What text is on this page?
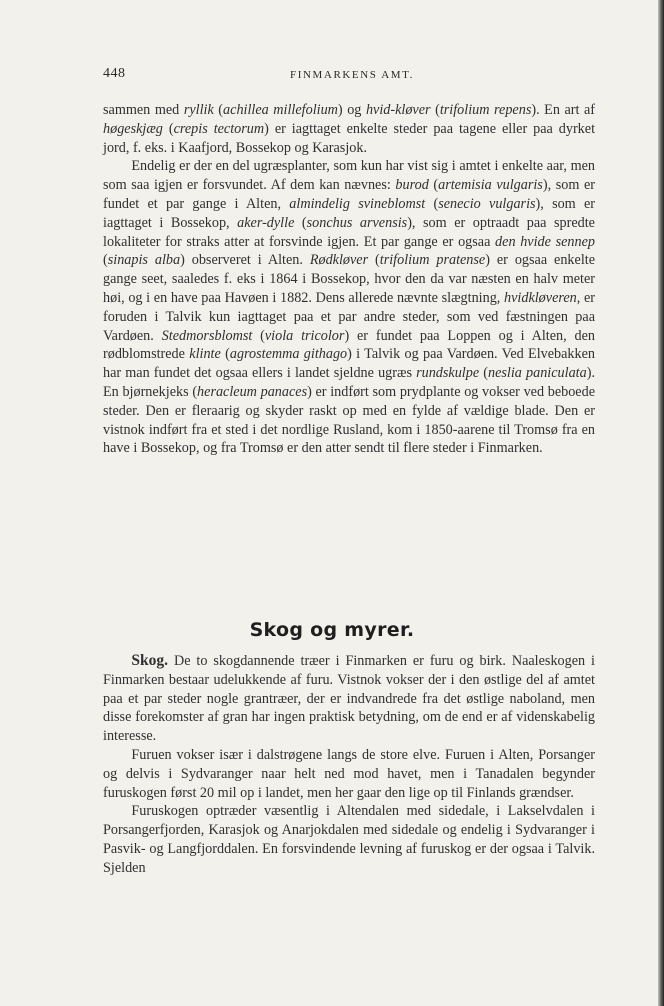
448	FINMARKENS AMT.

sammen med ryllik (achillea millefolium) og hvid-kløver (trifolium repens). En art af høgeskjæg (crepis tectorum) er iagttaget enkelte steder paa tagene eller paa dyrket jord, f. eks. i Kaafjord, Bossekop og Karasjok.

Endelig er der en del ugræsplanter, som kun har vist sig i amtet i enkelte aar, men som saa igjen er forsvundet. Af dem kan nævnes: burod (artemisia vulgaris), som er fundet et par gange i Alten, almindelig svineblomst (senecio vulgaris), som er iagttaget i Bossekop, aker-dylle (sonchus arvensis), som er optraadt paa spredte lokaliteter for straks atter at forsvinde igjen. Et par gange er ogsaa den hvide sennep (sinapis alba) observeret i Alten. Rødkløver (trifolium pratense) er ogsaa enkelte gange seet, saaledes f. eks i 1864 i Bossekop, hvor den da var næsten en halv meter høi, og i en have paa Havøen i 1882. Dens allerede nævnte slægtning, hvidkløveren, er foruden i Talvik kun iagttaget paa et par andre steder, som ved fæstningen paa Vardøen. Stedmorsblomst (viola tricolor) er fundet paa Loppen og i Alten, den rødblomstrede klinte (agrostemma githago) i Talvik og paa Vardøen. Ved Elvebakken har man fundet det ogsaa ellers i landet sjeldne ugræs rundskulpe (neslia paniculata). En bjørnekjeks (heracleum panaces) er indført som prydplante og vokser ved beboede steder. Den er fleraarig og skyder raskt op med en fylde af vældige blade. Den er vistnok indført fra et sted i det nordlige Rusland, kom i 1850-aarene til Tromsø fra en have i Bossekop, og fra Tromsø er den atter sendt til flere steder i Finmarken.

Skog og myrer.

Skog. De to skogdannende træer i Finmarken er furu og birk. Naaleskogen i Finmarken bestaar udelukkende af furu. Vistnok vokser der i den østlige del af amtet paa et par steder nogle grantræer, der er indvandrede fra det østlige naboland, men disse forekomster af gran har ingen praktisk betydning, om de end er af videnskabelig interesse.

Furuen vokser især i dalstrøgene langs de store elve. Furuen i Alten, Porsanger og delvis i Sydvaranger naar helt ned mod havet, men i Tanadalen begynder furuskogen først 20 mil op i landet, men her gaar den lige op til Finlands grændser.

Furuskogen optræder væsentlig i Altendalen med sidedale, i Lakselvdalen i Porsangerfjorden, Karasjok og Anarjokdalen med sidedale og endelig i Sydvaranger i Pasvik- og Langfjorddalen. En forsvindende levning af furuskog er der ogsaa i Talvik. Sjelden
